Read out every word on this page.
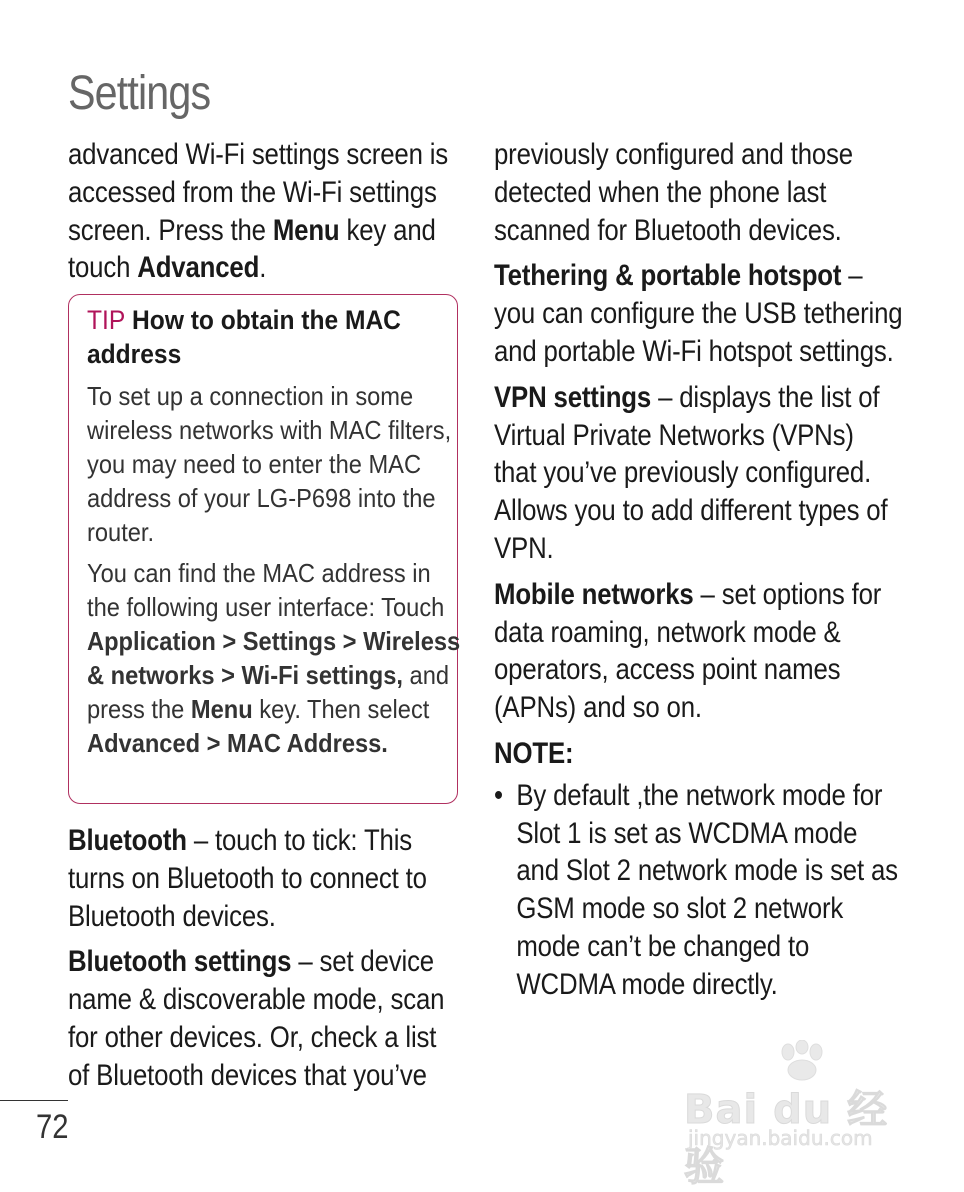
Settings

advanced Wi-Fi settings screen is accessed from the Wi-Fi settings screen. Press the Menu key and touch Advanced.

TIP How to obtain the MAC address

To set up a connection in some wireless networks with MAC filters, you may need to enter the MAC address of your LG-P698 into the router.

You can find the MAC address in the following user interface: Touch Application > Settings > Wireless & networks > Wi-Fi settings, and press the Menu key. Then select Advanced > MAC Address.

Bluetooth – touch to tick: This turns on Bluetooth to connect to Bluetooth devices.

Bluetooth settings – set device name & discoverable mode, scan for other devices. Or, check a list of Bluetooth devices that you’ve

previously configured and those detected when the phone last scanned for Bluetooth devices.

Tethering & portable hotspot – you can configure the USB tethering and portable Wi-Fi hotspot settings.

VPN settings – displays the list of Virtual Private Networks (VPNs) that you’ve previously configured. Allows you to add different types of VPN.

Mobile networks – set options for data roaming, network mode & operators, access point names (APNs) and so on.

NOTE:

• By default ,the network mode for Slot 1 is set as WCDMA mode and Slot 2 network mode is set as GSM mode so slot 2 network mode can’t be changed to WCDMA mode directly.
72	Bai du 经验
jingyan.baidu.com
